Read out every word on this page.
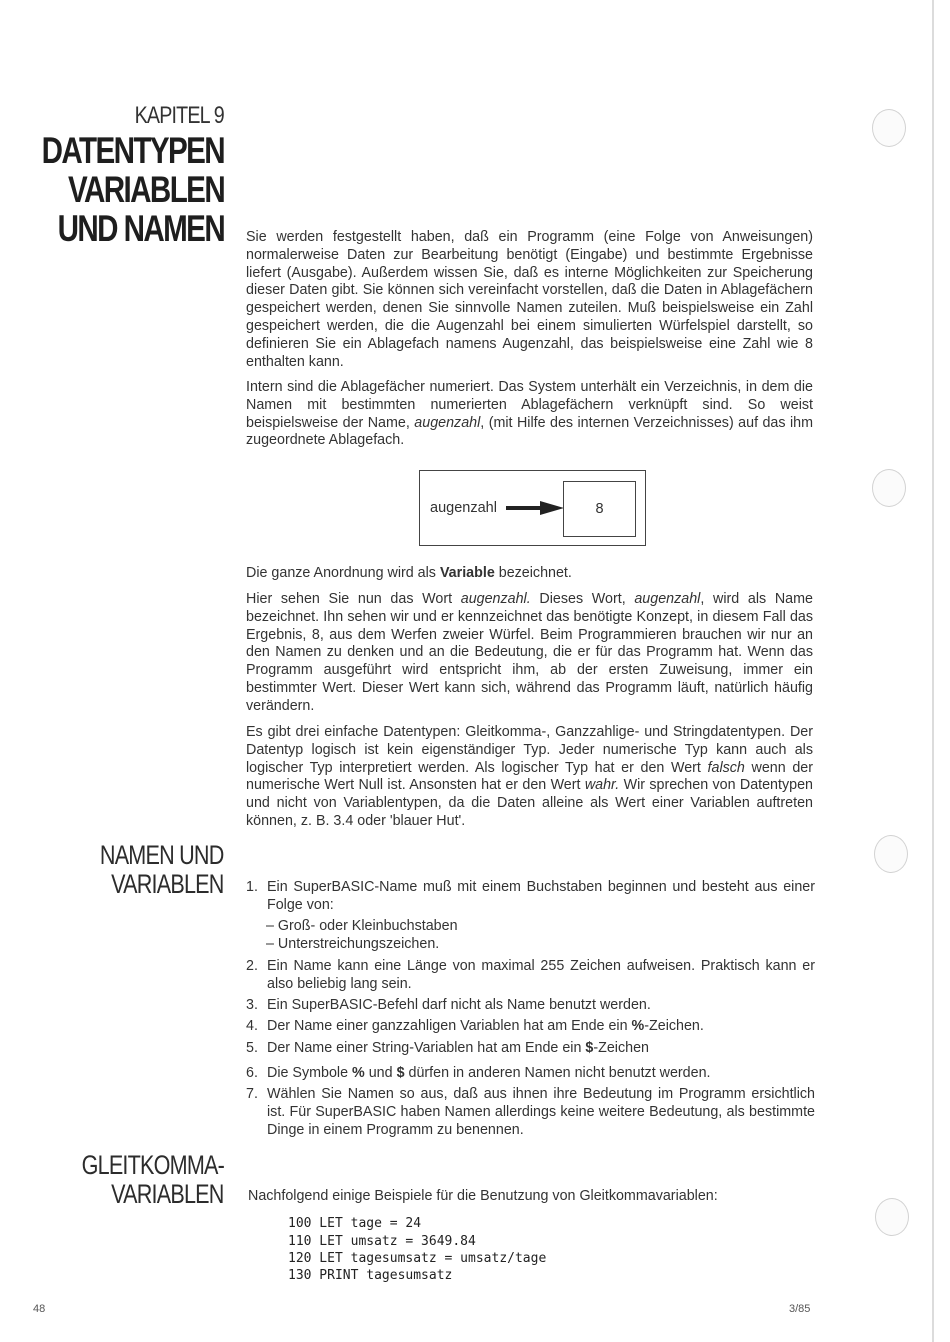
KAPITEL 9
DATENTYPEN
VARIABLEN
UND NAMEN Sie werden festgestellt haben, daß ein Programm (eine Folge von Anweisungen) normalerweise Daten zur Bearbeitung benötigt (Eingabe) und bestimmte Ergebnisse liefert (Ausgabe). Außerdem wissen Sie, daß es interne Möglichkeiten zur Speicherung dieser Daten gibt. Sie können sich vereinfacht vorstellen, daß die Daten in Ablagefächern gespeichert werden, denen Sie sinnvolle Namen zuteilen. Muß beispielsweise ein Zahl gespeichert werden, die die Augenzahl bei einem simulierten Würfelspiel darstellt, so definieren Sie ein Ablagefach namens Augenzahl, das beispielsweise eine Zahl wie 8 enthalten kann.

Intern sind die Ablagefächer numeriert. Das System unterhält ein Verzeichnis, in dem die Namen mit bestimmten numerierten Ablagefächern verknüpft sind. So weist beispielsweise der Name, augenzahl, (mit Hilfe des internen Verzeichnisses) auf das ihm zugeordnete Ablagefach.

augenzahl	8

Die ganze Anordnung wird als Variable bezeichnet.

Hier sehen Sie nun das Wort augenzahl. Dieses Wort, augenzahl, wird als Name bezeichnet. Ihn sehen wir und er kennzeichnet das benötigte Konzept, in diesem Fall das Ergebnis, 8, aus dem Werfen zweier Würfel. Beim Programmieren brauchen wir nur an den Namen zu denken und an die Bedeutung, die er für das Programm hat. Wenn das Programm ausgeführt wird entspricht ihm, ab der ersten Zuweisung, immer ein bestimmter Wert. Dieser Wert kann sich, während das Programm läuft, natürlich häufig verändern.

Es gibt drei einfache Datentypen: Gleitkomma-, Ganzzahlige- und Stringdatentypen. Der Datentyp logisch ist kein eigenständiger Typ. Jeder numerische Typ kann auch als logischer Typ interpretiert werden. Als logischer Typ hat er den Wert falsch wenn der numerische Wert Null ist. Ansonsten hat er den Wert wahr. Wir sprechen von Datentypen und nicht von Variablentypen, da die Daten alleine als Wert einer Variablen auftreten können, z. B. 3.4 oder 'blauer Hut'.

NAMEN UND
VARIABLEN 1. Ein SuperBASIC-Name muß mit einem Buchstaben beginnen und besteht aus einer Folge von:
– Groß- oder Kleinbuchstaben
– Unterstreichungszeichen.
2. Ein Name kann eine Länge von maximal 255 Zeichen aufweisen. Praktisch kann er also beliebig lang sein.
3. Ein SuperBASIC-Befehl darf nicht als Name benutzt werden.
4. Der Name einer ganzzahligen Variablen hat am Ende ein %-Zeichen.
5. Der Name einer String-Variablen hat am Ende ein $-Zeichen
6. Die Symbole % und $ dürfen in anderen Namen nicht benutzt werden.
7. Wählen Sie Namen so aus, daß aus ihnen ihre Bedeutung im Programm ersichtlich ist. Für SuperBASIC haben Namen allerdings keine weitere Bedeutung, als bestimmte Dinge in einem Programm zu benennen.
GLEITKOMMA-
VARIABLEN Nachfolgend einige Beispiele für die Benutzung von Gleitkommavariablen:

100 LET tage = 24
110 LET umsatz = 3649.84
120 LET tagesumsatz = umsatz/tage
130 PRINT tagesumsatz
48	3/85
